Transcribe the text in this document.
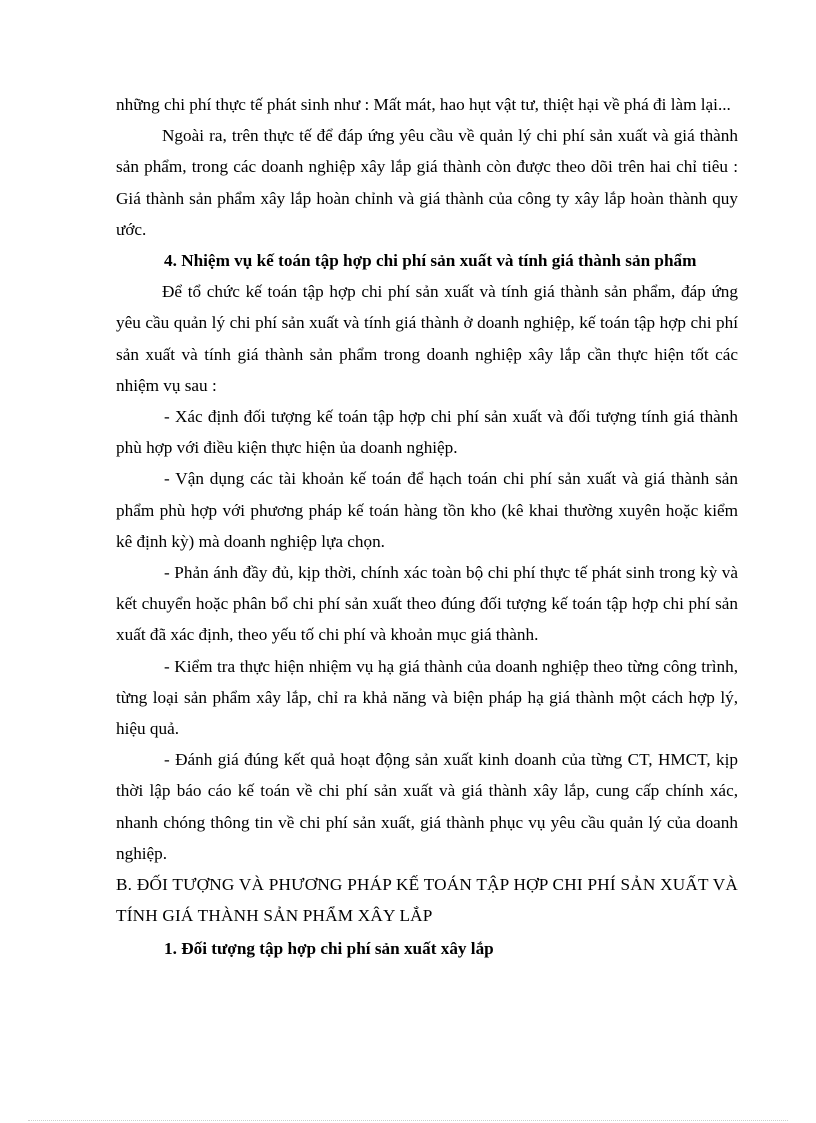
những chi phí thực tế phát sinh như : Mất mát, hao hụt vật tư, thiệt hại về phá đi làm lại...

Ngoài ra, trên thực tế để đáp ứng yêu cầu về quản lý chi phí sản xuất và giá thành sản phẩm, trong các doanh nghiệp xây lắp giá thành còn được theo dõi trên hai chỉ tiêu : Giá thành sản phẩm xây lắp hoàn chỉnh và giá thành của công ty xây lắp hoàn thành quy ước.

4. Nhiệm vụ kế toán tập hợp chi phí sản xuất và tính giá thành sản phẩm

Để tổ chức kế toán tập hợp chi phí sản xuất và tính giá thành sản phẩm, đáp ứng yêu cầu quản lý chi phí sản xuất và tính giá thành ở doanh nghiệp, kế toán tập hợp chi phí sản xuất và tính giá thành sản phẩm trong doanh nghiệp xây lắp cần thực hiện tốt các nhiệm vụ sau :

- Xác định đối tượng kế toán tập hợp chi phí sản xuất và đối tượng tính giá thành phù hợp với điều kiện thực hiện ủa doanh nghiệp.

- Vận dụng các tài khoản kế toán để hạch toán chi phí sản xuất và giá thành sản phẩm phù hợp với phương pháp kế toán hàng tồn kho (kê khai thường xuyên hoặc kiểm kê định kỳ) mà doanh nghiệp lựa chọn.

- Phản ánh đầy đủ, kịp thời, chính xác toàn bộ chi phí thực tế phát sinh trong kỳ và kết chuyển hoặc phân bổ chi phí sản xuất theo đúng đối tượng kế toán tập hợp chi phí sản xuất đã xác định, theo yếu tố chi phí và khoản mục giá thành.

- Kiểm tra thực hiện nhiệm vụ hạ giá thành của doanh nghiệp theo từng công trình, từng loại sản phẩm xây lắp, chỉ ra khả năng và biện pháp hạ giá thành một cách hợp lý, hiệu quả.

- Đánh giá đúng kết quả hoạt động sản xuất kinh doanh của từng CT, HMCT, kịp thời lập báo cáo kế toán về chi phí sản xuất và giá thành xây lắp, cung cấp chính xác, nhanh chóng thông tin về chi phí sản xuất, giá thành phục vụ yêu cầu quản lý của doanh nghiệp.

B. ĐỐI TƯỢNG VÀ PHƯƠNG PHÁP KẾ TOÁN TẬP HỢP CHI PHÍ SẢN XUẤT VÀ TÍNH GIÁ THÀNH SẢN PHẨM XÂY LẮP

1. Đối tượng tập hợp chi phí sản xuất xây lắp
